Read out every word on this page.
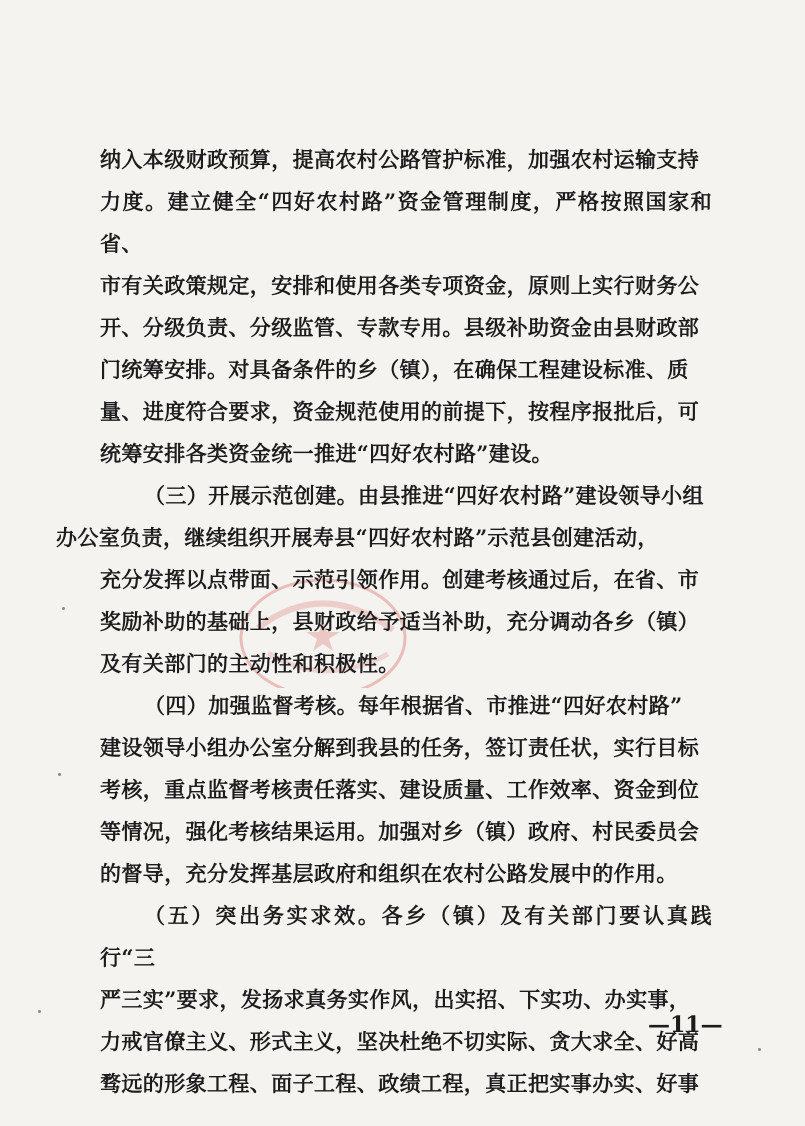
纳入本级财政预算，提高农村公路管护标准，加强农村运输支持
力度。建立健全“四好农村路”资金管理制度，严格按照国家和省、
市有关政策规定，安排和使用各类专项资金，原则上实行财务公
开、分级负责、分级监管、专款专用。县级补助资金由县财政部
门统筹安排。对具备条件的乡（镇），在确保工程建设标准、质
量、进度符合要求，资金规范使用的前提下，按程序报批后，可
统筹安排各类资金统一推进“四好农村路”建设。

（三）开展示范创建。由县推进“四好农村路”建设领导小组
办公室负责，继续组织开展寿县“四好农村路”示范县创建活动，
充分发挥以点带面、示范引领作用。创建考核通过后，在省、市
奖励补助的基础上，县财政给予适当补助，充分调动各乡（镇）
及有关部门的主动性和积极性。

（四）加强监督考核。每年根据省、市推进“四好农村路”
建设领导小组办公室分解到我县的任务，签订责任状，实行目标
考核，重点监督考核责任落实、建设质量、工作效率、资金到位
等情况，强化考核结果运用。加强对乡（镇）政府、村民委员会
的督导，充分发挥基层政府和组织在农村公路发展中的作用。

（五）突出务实求效。各乡（镇）及有关部门要认真践行“三
严三实”要求，发扬求真务实作风，出实招、下实功、办实事，
力戒官僚主义、形式主义，坚决杜绝不切实际、贪大求全、好高
骛远的形象工程、面子工程、政绩工程，真正把实事办实、好事

—11—
